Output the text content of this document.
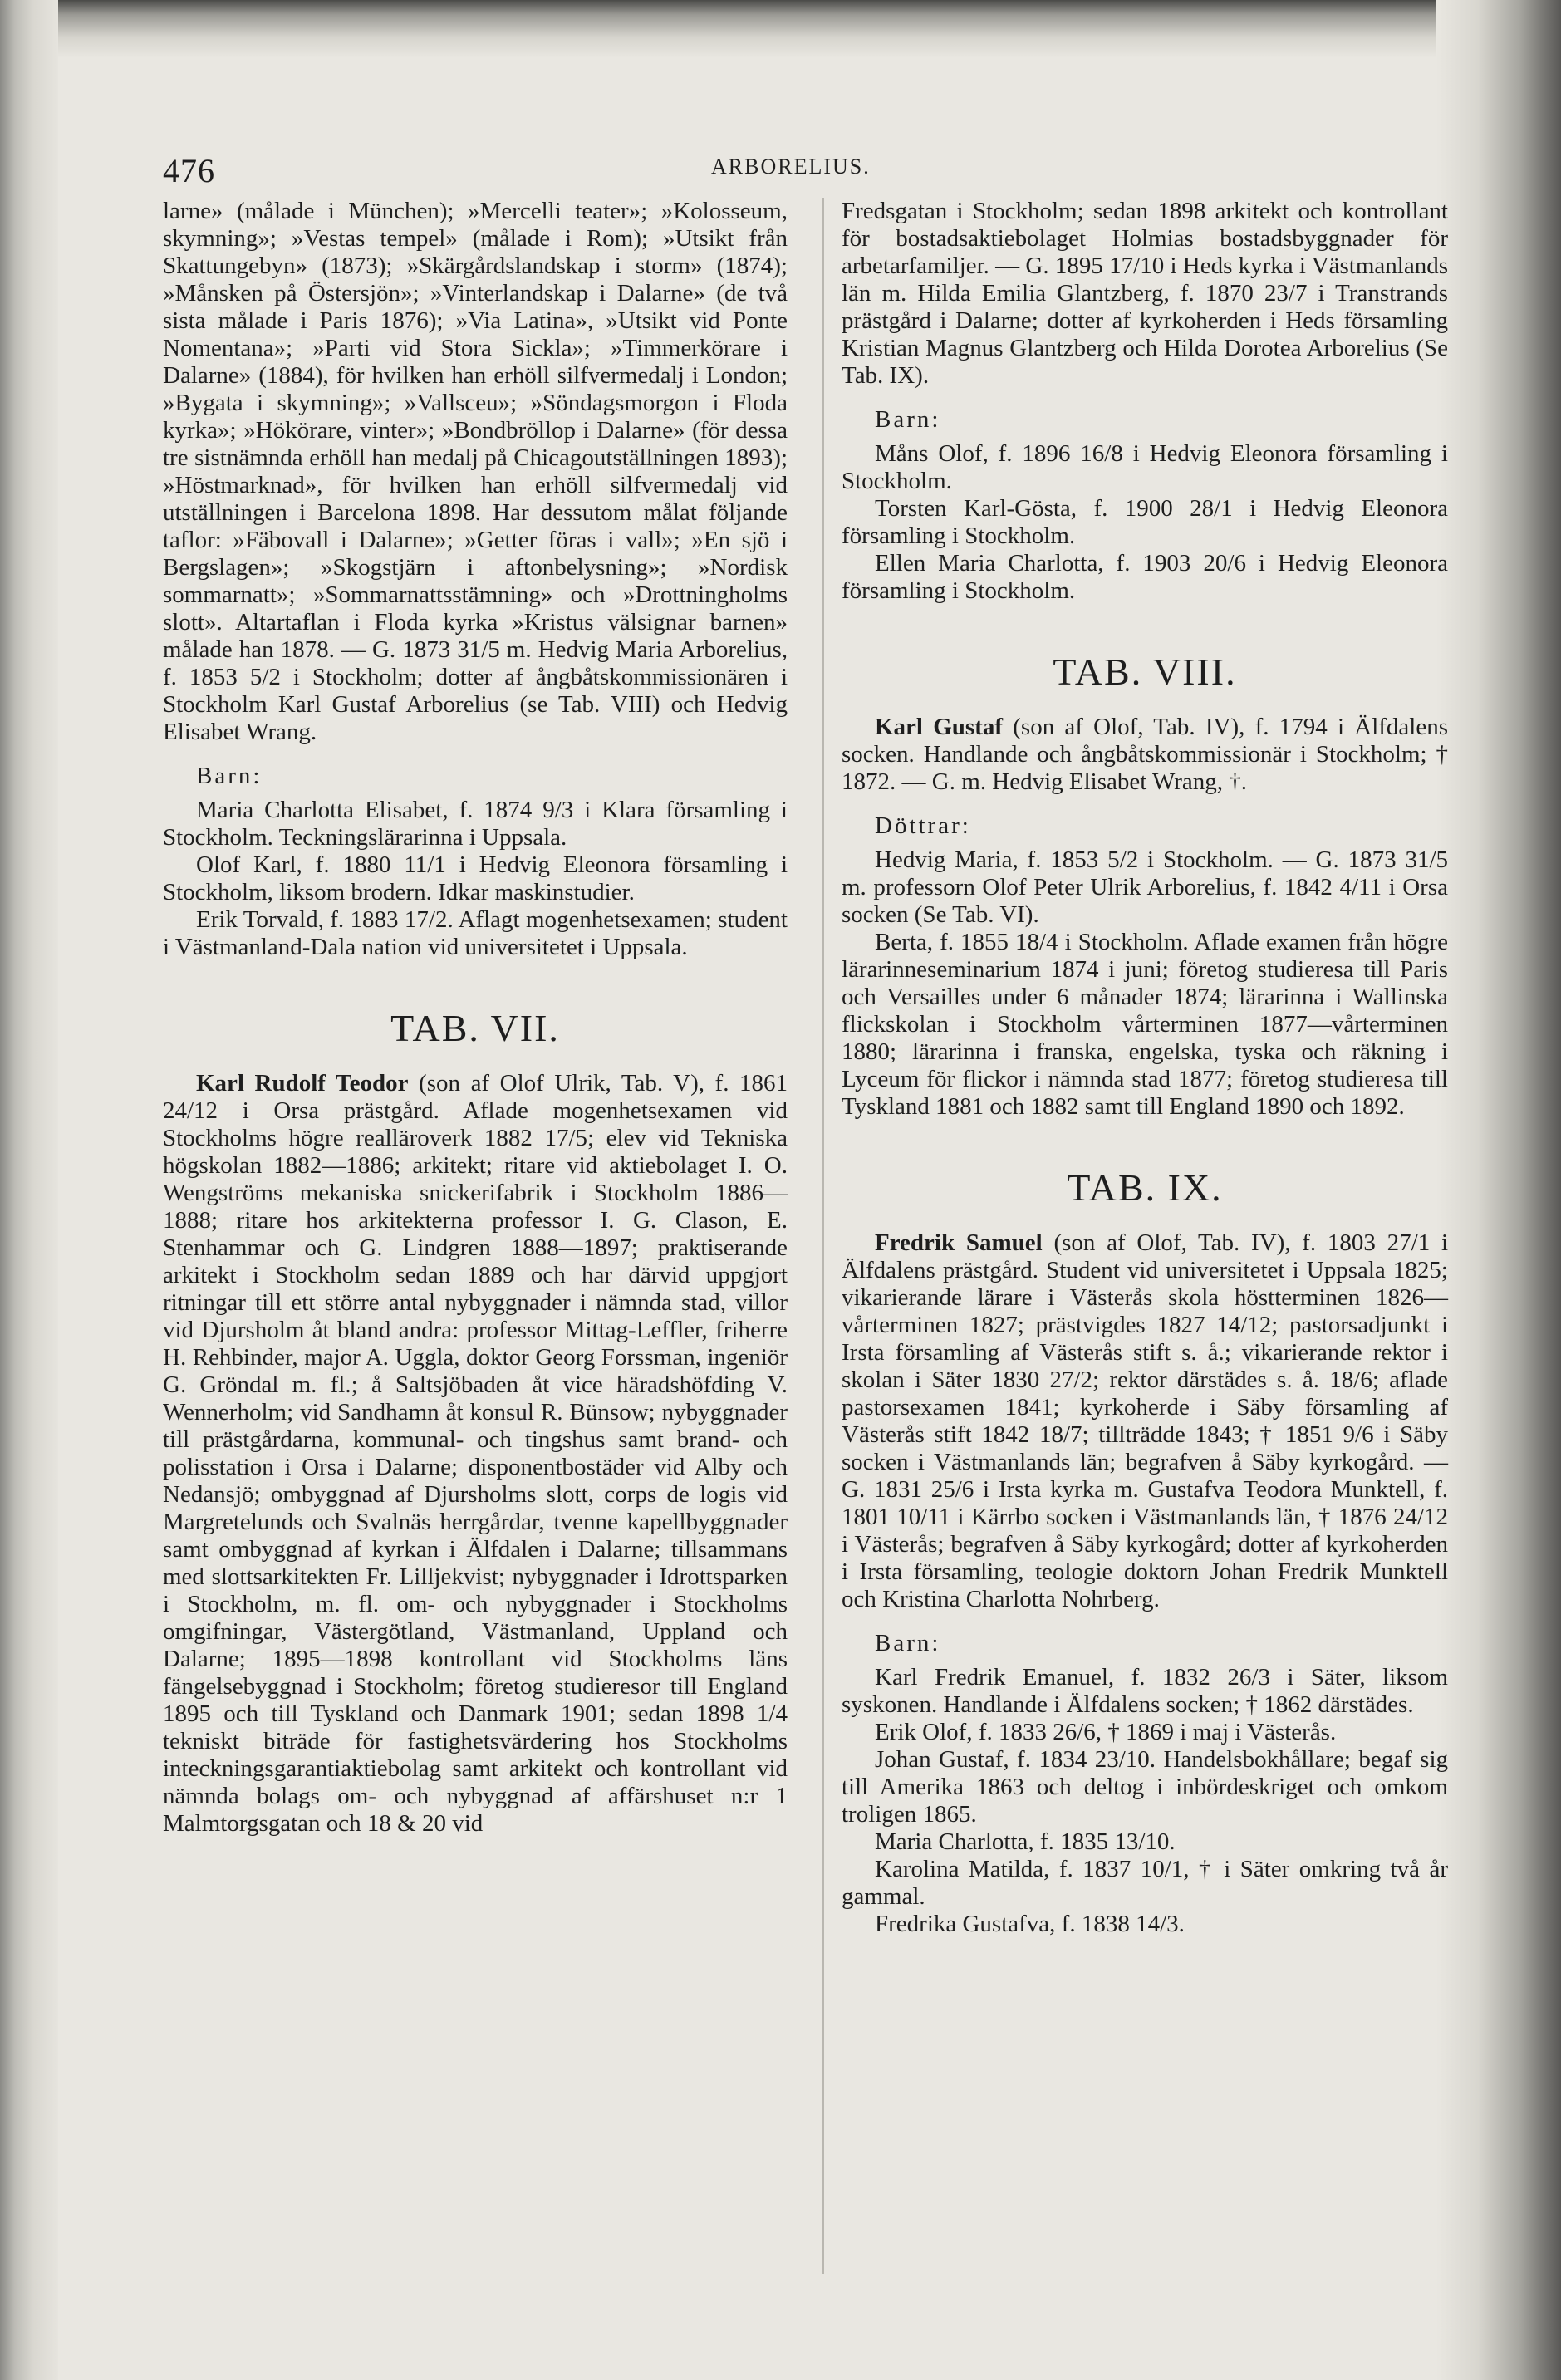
476	ARBORELIUS.

larne» (målade i München); »Mercelli teater»; »Kolosseum, skymning»; »Vestas tempel» (målade i Rom); »Utsikt från Skattungebyn» (1873); »Skärgårdslandskap i storm» (1874); »Månsken på Östersjön»; »Vinterlandskap i Dalarne» (de två sista målade i Paris 1876); »Via Latina», »Utsikt vid Ponte Nomentana»; »Parti vid Stora Sickla»; »Timmerkörare i Dalarne» (1884), för hvilken han erhöll silfvermedalj i London; »Bygata i skymning»; »Vallsceu»; »Söndagsmorgon i Floda kyrka»; »Hökörare, vinter»; »Bondbröllop i Dalarne» (för dessa tre sistnämnda erhöll han medalj på Chicagoutställningen 1893); »Höstmarknad», för hvilken han erhöll silfvermedalj vid utställningen i Barcelona 1898. Har dessutom målat följande taflor: »Fäbovall i Dalarne»; »Getter föras i vall»; »En sjö i Bergslagen»; »Skogstjärn i aftonbelysning»; »Nordisk sommarnatt»; »Sommarnattsstämning» och »Drottningholms slott». Altartaflan i Floda kyrka »Kristus välsignar barnen» målade han 1878. — G. 1873 31/5 m. Hedvig Maria Arborelius, f. 1853 5/2 i Stockholm; dotter af ångbåtskommissionären i Stockholm Karl Gustaf Arborelius (se Tab. VIII) och Hedvig Elisabet Wrang.

Barn:

Maria Charlotta Elisabet, f. 1874 9/3 i Klara församling i Stockholm. Teckningslärarinna i Uppsala.

Olof Karl, f. 1880 11/1 i Hedvig Eleonora församling i Stockholm, liksom brodern. Idkar maskinstudier.

Erik Torvald, f. 1883 17/2. Aflagt mogenhetsexamen; student i Västmanland-Dala nation vid universitetet i Uppsala.

TAB. VII.

Karl Rudolf Teodor (son af Olof Ulrik, Tab. V), f. 1861 24/12 i Orsa prästgård. Aflade mogenhetsexamen vid Stockholms högre realläroverk 1882 17/5; elev vid Tekniska högskolan 1882—1886; arkitekt; ritare vid aktiebolaget I. O. Wengströms mekaniska snickerifabrik i Stockholm 1886—1888; ritare hos arkitekterna professor I. G. Clason, E. Stenhammar och G. Lindgren 1888—1897; praktiserande arkitekt i Stockholm sedan 1889 och har därvid uppgjort ritningar till ett större antal nybyggnader i nämnda stad, villor vid Djursholm åt bland andra: professor Mittag-Leffler, friherre H. Rehbinder, major A. Uggla, doktor Georg Forssman, ingeniör G. Gröndal m. fl.; å Saltsjöbaden åt vice häradshöfding V. Wennerholm; vid Sandhamn åt konsul R. Bünsow; nybyggnader till prästgårdarna, kommunal- och tingshus samt brand- och polisstation i Orsa i Dalarne; disponentbostäder vid Alby och Nedansjö; ombyggnad af Djursholms slott, corps de logis vid Margretelunds och Svalnäs herrgårdar, tvenne kapellbyggnader samt ombyggnad af kyrkan i Älfdalen i Dalarne; tillsammans med slottsarkitekten Fr. Lilljekvist; nybyggnader i Idrottsparken i Stockholm, m. fl. om- och nybyggnader i Stockholms omgifningar, Västergötland, Västmanland, Uppland och Dalarne; 1895—1898 kontrollant vid Stockholms läns fängelsebyggnad i Stockholm; företog studieresor till England 1895 och till Tyskland och Danmark 1901; sedan 1898 1/4 tekniskt biträde för fastighetsvärdering hos Stockholms inteckningsgarantiaktiebolag samt arkitekt och kontrollant vid nämnda bolags om- och nybyggnad af affärshuset n:r 1 Malmtorgsgatan och 18 & 20 vid

Fredsgatan i Stockholm; sedan 1898 arkitekt och kontrollant för bostadsaktiebolaget Holmias bostadsbyggnader för arbetarfamiljer. — G. 1895 17/10 i Heds kyrka i Västmanlands län m. Hilda Emilia Glantzberg, f. 1870 23/7 i Transtrands prästgård i Dalarne; dotter af kyrkoherden i Heds församling Kristian Magnus Glantzberg och Hilda Dorotea Arborelius (Se Tab. IX).

Barn:

Måns Olof, f. 1896 16/8 i Hedvig Eleonora församling i Stockholm.

Torsten Karl-Gösta, f. 1900 28/1 i Hedvig Eleonora församling i Stockholm.

Ellen Maria Charlotta, f. 1903 20/6 i Hedvig Eleonora församling i Stockholm.

TAB. VIII.

Karl Gustaf (son af Olof, Tab. IV), f. 1794 i Älfdalens socken. Handlande och ångbåtskommissionär i Stockholm; † 1872. — G. m. Hedvig Elisabet Wrang, †.

Döttrar:

Hedvig Maria, f. 1853 5/2 i Stockholm. — G. 1873 31/5 m. professorn Olof Peter Ulrik Arborelius, f. 1842 4/11 i Orsa socken (Se Tab. VI).

Berta, f. 1855 18/4 i Stockholm. Aflade examen från högre lärarinneseminarium 1874 i juni; företog studieresa till Paris och Versailles under 6 månader 1874; lärarinna i Wallinska flickskolan i Stockholm vårterminen 1877—vårterminen 1880; lärarinna i franska, engelska, tyska och räkning i Lyceum för flickor i nämnda stad 1877; företog studieresa till Tyskland 1881 och 1882 samt till England 1890 och 1892.

TAB. IX.

Fredrik Samuel (son af Olof, Tab. IV), f. 1803 27/1 i Älfdalens prästgård. Student vid universitetet i Uppsala 1825; vikarierande lärare i Västerås skola höstterminen 1826—vårterminen 1827; prästvigdes 1827 14/12; pastorsadjunkt i Irsta församling af Västerås stift s. å.; vikarierande rektor i skolan i Säter 1830 27/2; rektor därstädes s. å. 18/6; aflade pastorsexamen 1841; kyrkoherde i Säby församling af Västerås stift 1842 18/7; tillträdde 1843; † 1851 9/6 i Säby socken i Västmanlands län; begrafven å Säby kyrkogård. — G. 1831 25/6 i Irsta kyrka m. Gustafva Teodora Munktell, f. 1801 10/11 i Kärrbo socken i Västmanlands län, † 1876 24/12 i Västerås; begrafven å Säby kyrkogård; dotter af kyrkoherden i Irsta församling, teologie doktorn Johan Fredrik Munktell och Kristina Charlotta Nohrberg.

Barn:

Karl Fredrik Emanuel, f. 1832 26/3 i Säter, liksom syskonen. Handlande i Älfdalens socken; † 1862 därstädes.

Erik Olof, f. 1833 26/6, † 1869 i maj i Västerås.

Johan Gustaf, f. 1834 23/10. Handelsbokhållare; begaf sig till Amerika 1863 och deltog i inbördeskriget och omkom troligen 1865.

Maria Charlotta, f. 1835 13/10.

Karolina Matilda, f. 1837 10/1, † i Säter omkring två år gammal.

Fredrika Gustafva, f. 1838 14/3.
